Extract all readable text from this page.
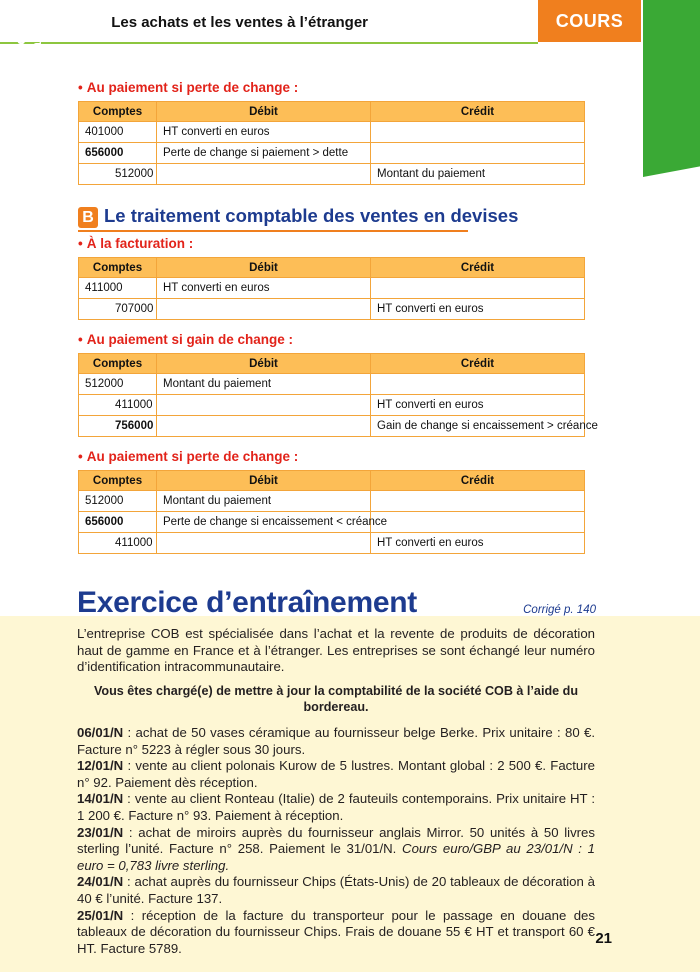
Les achats et les ventes à l’étranger	COURS
Opér. comptables, fiscales et sociales	• Au paiement si perte de change :
Comptes	Débit	Crédit
401000	HT converti en euros	
656000	Perte de change si paiement > dette	
512000		Montant du paiement
B Le traitement comptable des ventes en devises
• À la facturation :
Comptes	Débit	Crédit
411000	HT converti en euros	
707000		HT converti en euros
• Au paiement si gain de change :
Comptes	Débit	Crédit
512000	Montant du paiement	
411000		HT converti en euros
756000		Gain de change si encaissement > créance
• Au paiement si perte de change :
Comptes	Débit	Crédit
512000	Montant du paiement	
656000	Perte de change si encaissement < créance	
411000		HT converti en euros
Exercice d’entraînement	Corrigé p. 140

L’entreprise COB est spécialisée dans l’achat et la revente de produits de décoration haut de gamme en France et à l’étranger. Les entreprises se sont échangé leur numéro d’identification intracommunautaire.

Vous êtes chargé(e) de mettre à jour la comptabilité de la société COB à l’aide du bordereau.

06/01/N : achat de 50 vases céramique au fournisseur belge Berke. Prix unitaire : 80 €. Facture n° 5223 à régler sous 30 jours.

12/01/N : vente au client polonais Kurow de 5 lustres. Montant global : 2 500 €. Facture n° 92. Paiement dès réception.

14/01/N : vente au client Ronteau (Italie) de 2 fauteuils contemporains. Prix unitaire HT : 1 200 €. Facture n° 93. Paiement à réception.

23/01/N : achat de miroirs auprès du fournisseur anglais Mirror. 50 unités à 50 livres sterling l’unité. Facture n° 258. Paiement le 31/01/N. Cours euro/GBP au 23/01/N : 1 euro = 0,783 livre sterling.

24/01/N : achat auprès du fournisseur Chips (États-Unis) de 20 tableaux de décoration à 40 € l’unité. Facture 137.

25/01/N : réception de la facture du transporteur pour le passage en douane des tableaux de décoration du fournisseur Chips. Frais de douane 55 € HT et transport 60 € HT. Facture 5789.

21
